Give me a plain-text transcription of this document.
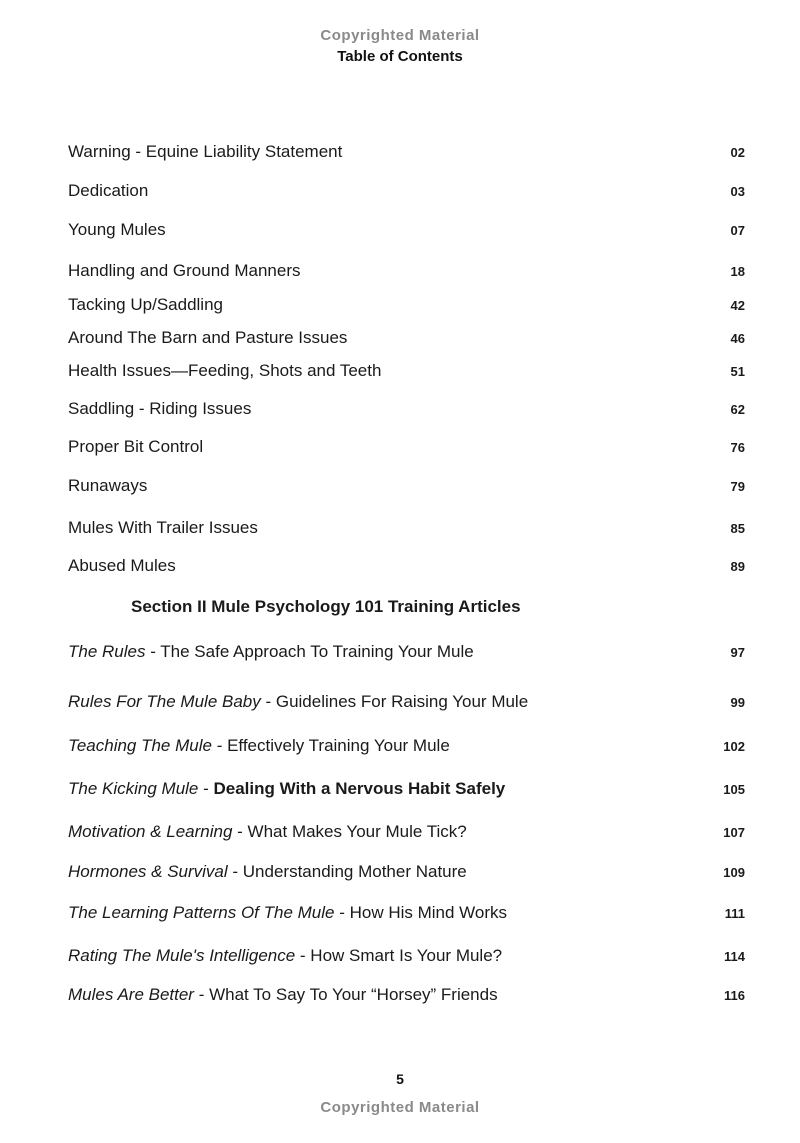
Copyrighted Material
Table of Contents
Warning - Equine Liability Statement	02
Dedication	03
Young Mules	07
Handling and Ground Manners	18
Tacking Up/Saddling	42
Around The Barn and Pasture Issues	46
Health Issues—Feeding, Shots and Teeth	51
Saddling - Riding Issues	62
Proper Bit Control	76
Runaways	79
Mules With Trailer Issues	85
Abused Mules	89
Section II Mule Psychology 101 Training Articles
The Rules - The Safe Approach To Training Your Mule	97
Rules For The Mule Baby - Guidelines For Raising Your Mule	99
Teaching The Mule - Effectively Training Your Mule	102
The Kicking Mule - Dealing With a Nervous Habit Safely	105
Motivation & Learning - What Makes Your Mule Tick?	107
Hormones & Survival - Understanding Mother Nature	109
The Learning Patterns Of The Mule - How His Mind Works	111
Rating The Mule's Intelligence - How Smart Is Your Mule?	114
Mules Are Better - What To Say To Your “Horsey” Friends	116
5
Copyrighted Material
